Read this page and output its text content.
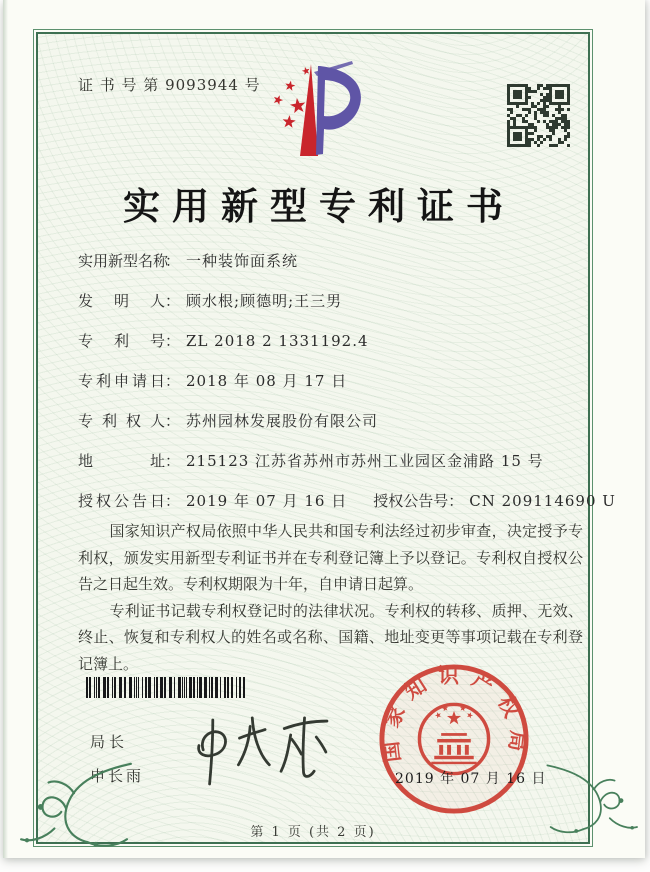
证 书 号 第 9093944 号
实用新型专利证书
实用新型名称： 一种装饰面系统
发明人： 顾水根;顾德明;王三男
专利号： ZL 2018 2 1331192.4
专利申请日： 2018 年 08 月 17 日
专利权人： 苏州园林发展股份有限公司
地址： 215123 江苏省苏州市苏州工业园区金浦路 15 号
授权公告日： 2019 年 07 月 16 日 授权公告号： CN 209114690 U

国家知识产权局依照中华人民共和国专利法经过初步审查，决定授予专利权，颁发实用新型专利证书并在专利登记簿上予以登记。专利权自授权公告之日起生效。专利权期限为十年，自申请日起算。

专利证书记载专利权登记时的法律状况。专利权的转移、质押、无效、终止、恢复和专利权人的姓名或名称、国籍、地址变更等事项记载在专利登记簿上。

局长
申长雨
第 1 页 (共 2 页)
国家知识产权局
2019 年 07 月 16 日
